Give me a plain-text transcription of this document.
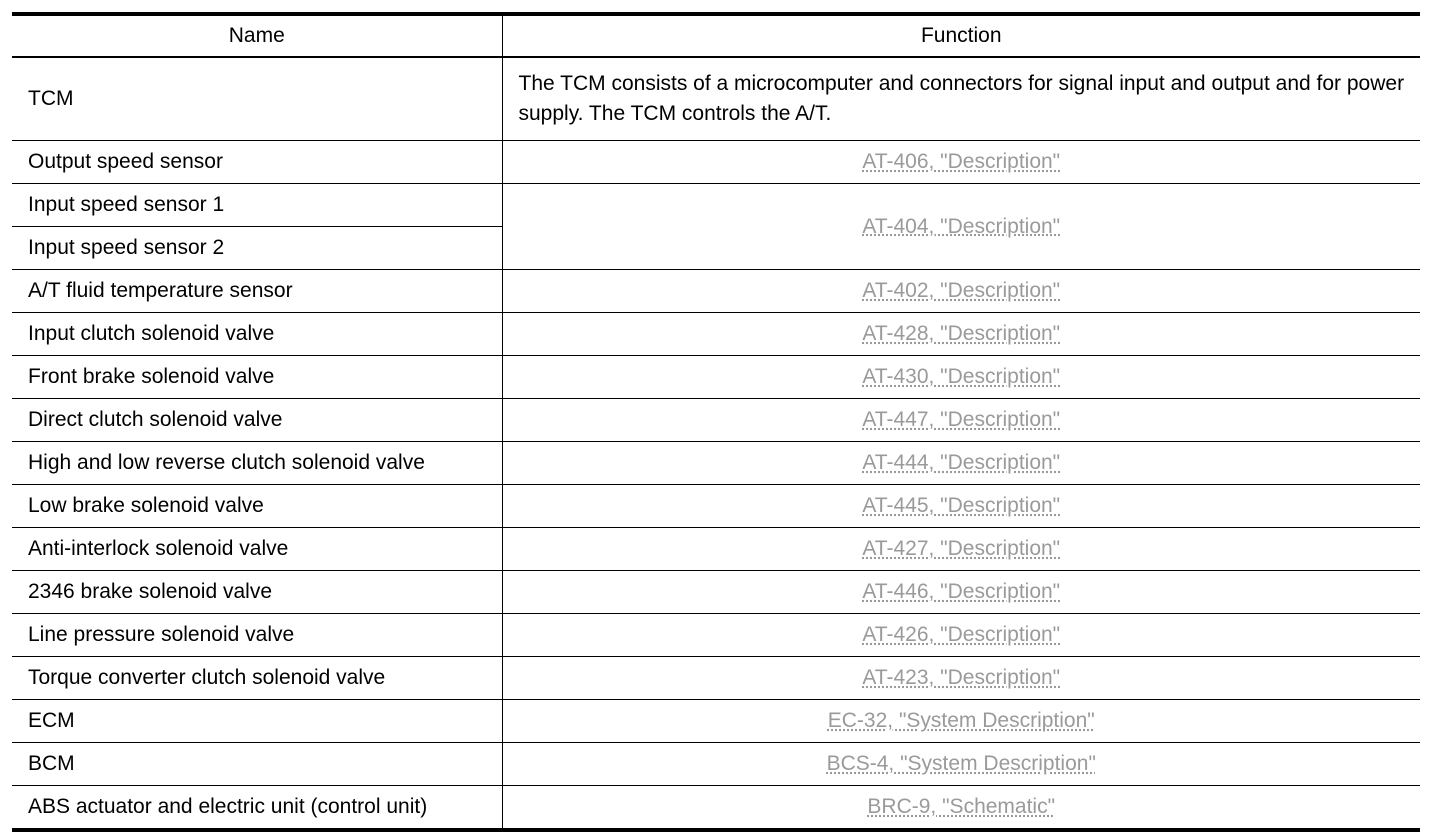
Name	Function
TCM	The TCM consists of a microcomputer and connectors for signal input and output and for power supply. The TCM controls the A/T.
Output speed sensor	AT-406, "Description"
Input speed sensor 1	AT-404, "Description"
Input speed sensor 2	
A/T fluid temperature sensor	AT-402, "Description"
Input clutch solenoid valve	AT-428, "Description"
Front brake solenoid valve	AT-430, "Description"
Direct clutch solenoid valve	AT-447, "Description"
High and low reverse clutch solenoid valve	AT-444, "Description"
Low brake solenoid valve	AT-445, "Description"
Anti-interlock solenoid valve	AT-427, "Description"
2346 brake solenoid valve	AT-446, "Description"
Line pressure solenoid valve	AT-426, "Description"
Torque converter clutch solenoid valve	AT-423, "Description"
ECM	EC-32, "System Description"
BCM	BCS-4, "System Description"
ABS actuator and electric unit (control unit)	BRC-9, "Schematic"
